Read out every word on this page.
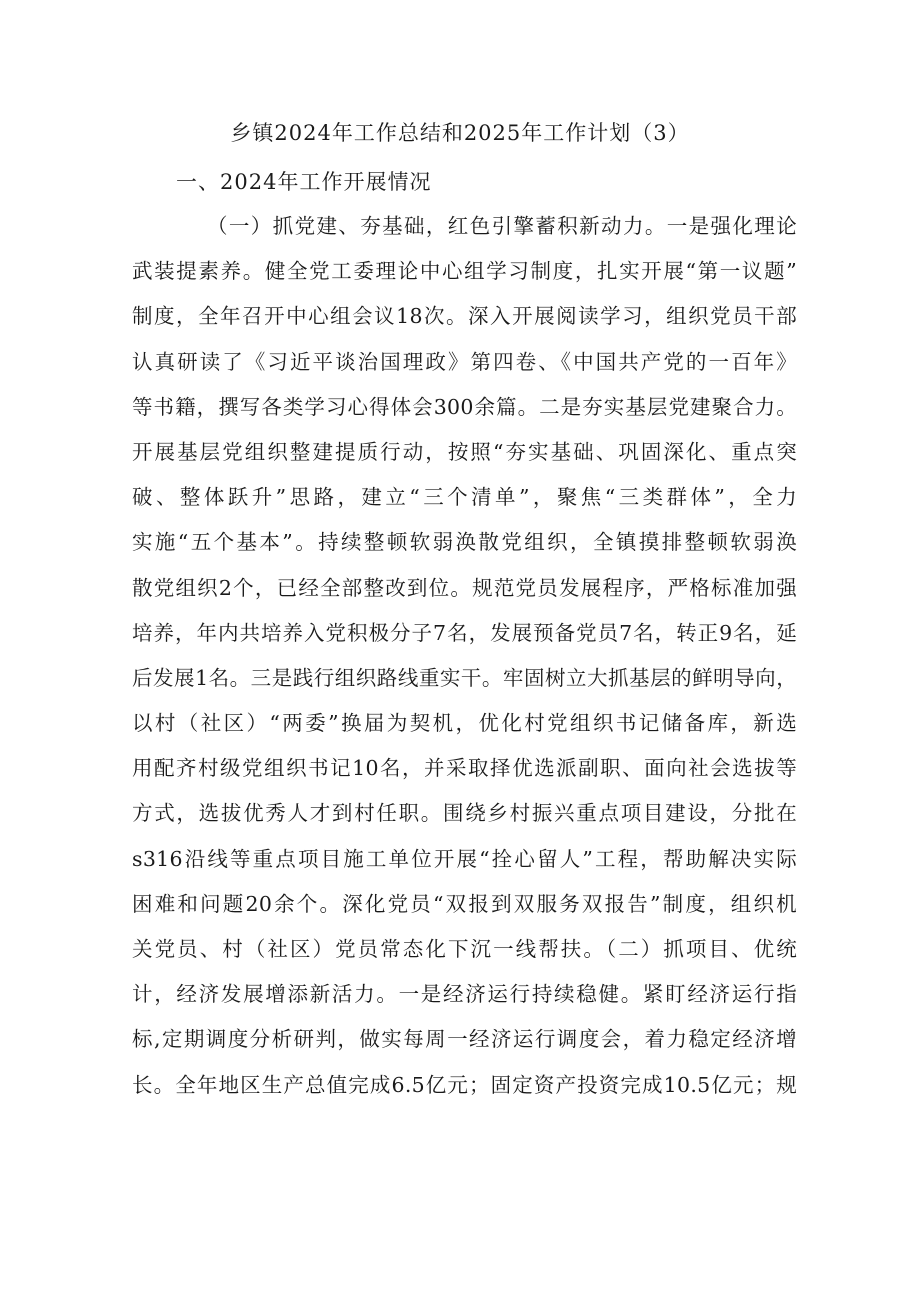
乡镇2024年工作总结和2025年工作计划（3）
一、2024年工作开展情况
（一）抓党建、夯基础，红色引擎蓄积新动力。一是强化理论
武装提素养。健全党工委理论中心组学习制度，扎实开展“第一议题”
制度，全年召开中心组会议18次。深入开展阅读学习，组织党员干部
认真研读了《习近平谈治国理政》第四卷、《中国共产党的一百年》
等书籍，撰写各类学习心得体会300余篇。二是夯实基层党建聚合力。
开展基层党组织整建提质行动，按照“夯实基础、巩固深化、重点突
破、整体跃升”思路，建立“三个清单”，聚焦“三类群体”，全力
实施“五个基本”。持续整顿软弱涣散党组织，全镇摸排整顿软弱涣
散党组织2个，已经全部整改到位。规范党员发展程序，严格标准加强
培养，年内共培养入党积极分子7名，发展预备党员7名，转正9名，延
后发展1名。三是践行组织路线重实干。牢固树立大抓基层的鲜明导向，
以村（社区）“两委”换届为契机，优化村党组织书记储备库，新选
用配齐村级党组织书记10名，并采取择优选派副职、面向社会选拔等
方式，选拔优秀人才到村任职。围绕乡村振兴重点项目建设，分批在
s316沿线等重点项目施工单位开展“拴心留人”工程，帮助解决实际
困难和问题20余个。深化党员“双报到双服务双报告”制度，组织机
关党员、村（社区）党员常态化下沉一线帮扶。（二）抓项目、优统
计，经济发展增添新活力。一是经济运行持续稳健。紧盯经济运行指
标,定期调度分析研判，做实每周一经济运行调度会，着力稳定经济增
长。全年地区生产总值完成6.5亿元；固定资产投资完成10.5亿元；规
